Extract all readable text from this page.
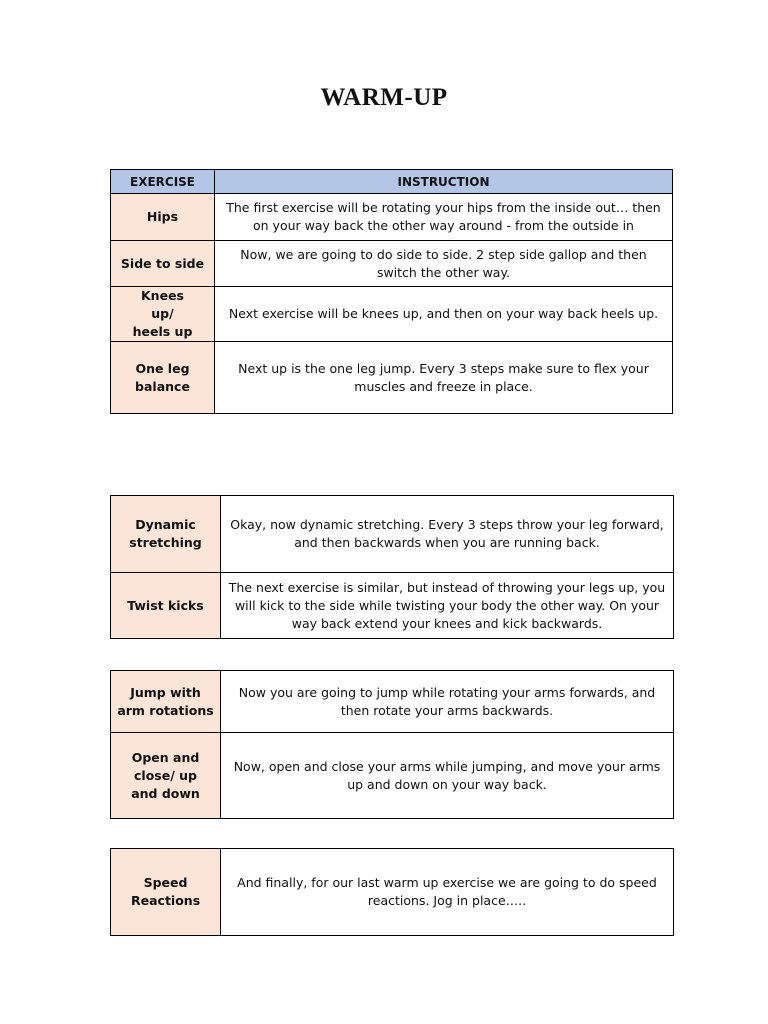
WARM-UP
EXERCISE	INSTRUCTION
Hips	The first exercise will be rotating your hips from the inside out… then on your way back the other way around - from the outside in
Side to side	Now, we are going to do side to side. 2 step side gallop and then switch the other way.
Knees up/ heels up	Next exercise will be knees up, and then on your way back heels up.
One leg balance	Next up is the one leg jump. Every 3 steps make sure to flex your muscles and freeze in place.
Dynamic stretching	Okay, now dynamic stretching. Every 3 steps throw your leg forward, and then backwards when you are running back.
Twist kicks	The next exercise is similar, but instead of throwing your legs up, you will kick to the side while twisting your body the other way. On your way back extend your knees and kick backwards.
Jump with arm rotations	Now you are going to jump while rotating your arms forwards, and then rotate your arms backwards.
Open and close/ up and down	Now, open and close your arms while jumping, and move your arms up and down on your way back.
Speed Reactions	And finally, for our last warm up exercise we are going to do speed reactions. Jog in place…..
